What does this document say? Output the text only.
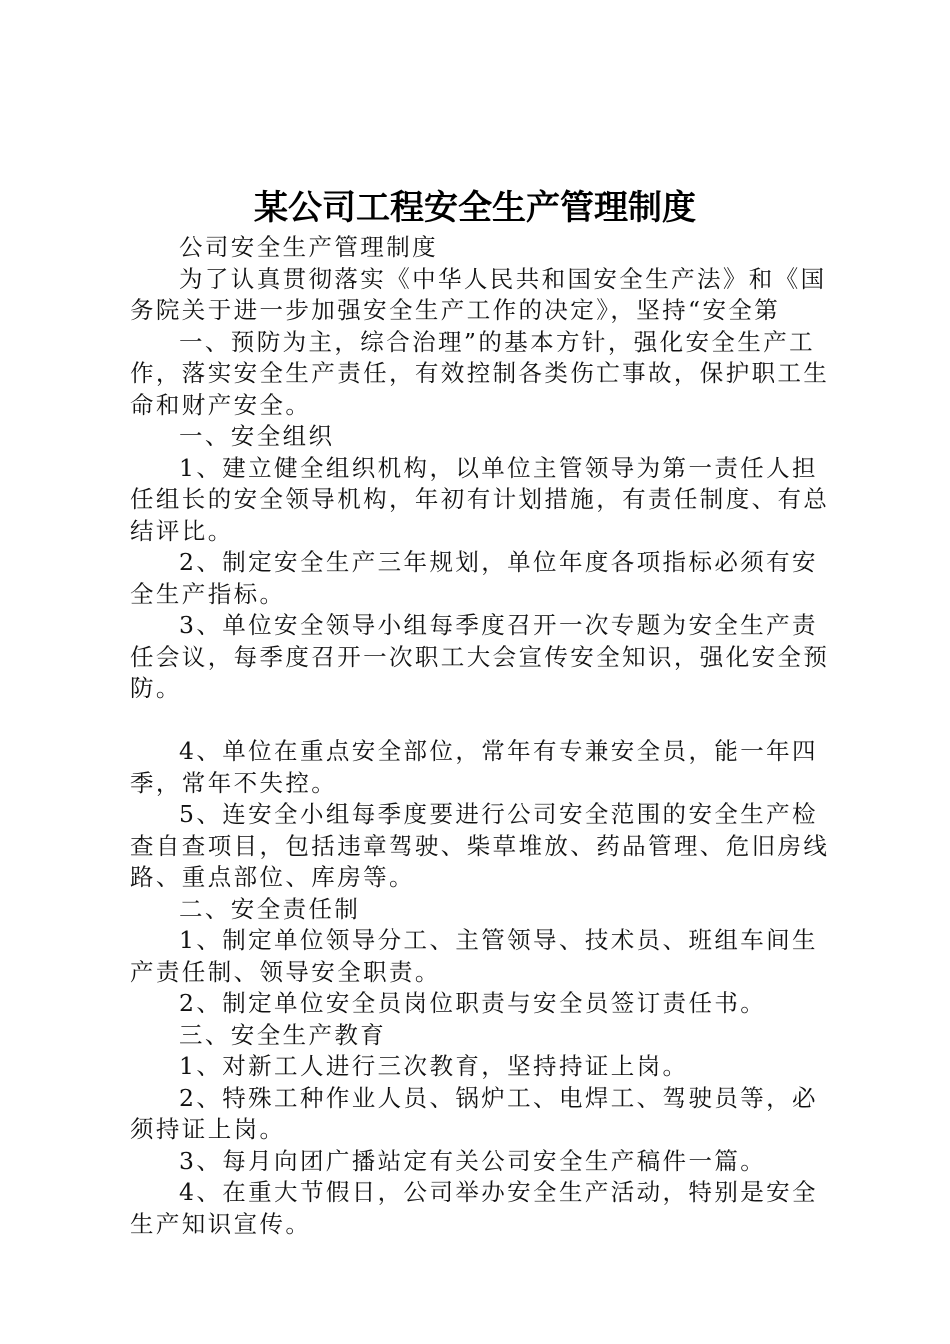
某公司工程安全生产管理制度

公司安全生产管理制度

为了认真贯彻落实《中华人民共和国安全生产法》和《国务院关于进一步加强安全生产工作的决定》，坚持“安全第

一、预防为主，综合治理”的基本方针，强化安全生产工作，落实安全生产责任，有效控制各类伤亡事故，保护职工生命和财产安全。

一、安全组织

1、建立健全组织机构，以单位主管领导为第一责任人担任组长的安全领导机构，年初有计划措施，有责任制度、有总结评比。

2、制定安全生产三年规划，单位年度各项指标必须有安全生产指标。

3、单位安全领导小组每季度召开一次专题为安全生产责任会议，每季度召开一次职工大会宣传安全知识，强化安全预防。

4、单位在重点安全部位，常年有专兼安全员，能一年四季，常年不失控。

5、连安全小组每季度要进行公司安全范围的安全生产检查自查项目，包括违章驾驶、柴草堆放、药品管理、危旧房线路、重点部位、库房等。

二、安全责任制

1、制定单位领导分工、主管领导、技术员、班组车间生产责任制、领导安全职责。

2、制定单位安全员岗位职责与安全员签订责任书。

三、安全生产教育

1、对新工人进行三次教育，坚持持证上岗。

2、特殊工种作业人员、锅炉工、电焊工、驾驶员等，必须持证上岗。

3、每月向团广播站定有关公司安全生产稿件一篇。

4、在重大节假日，公司举办安全生产活动，特别是安全生产知识宣传。
